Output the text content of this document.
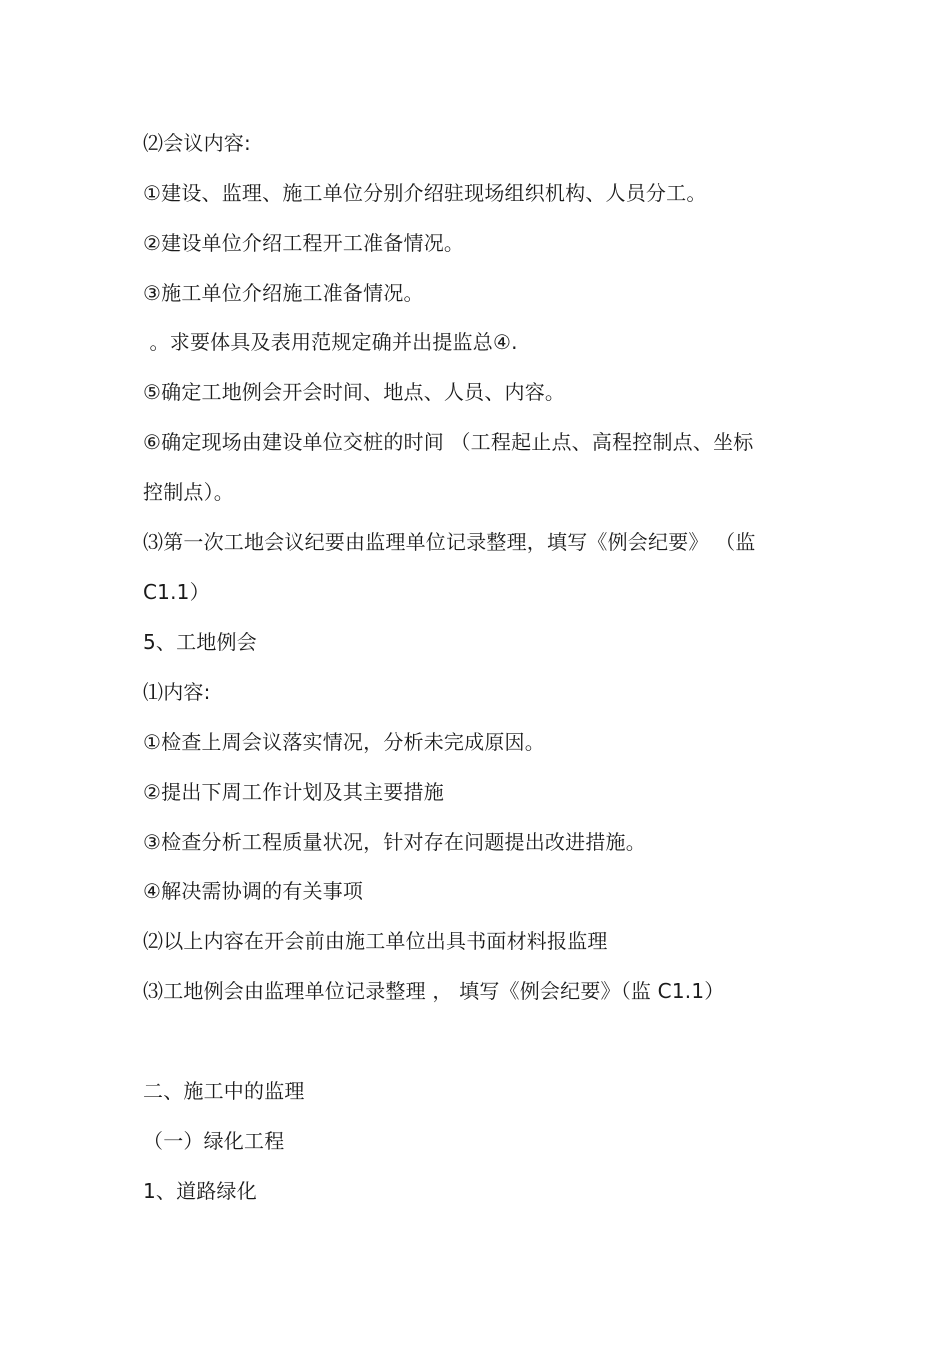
⑵会议内容:
①建设、监理、施工单位分别介绍驻现场组织机构、人员分工。
②建设单位介绍工程开工准备情况。
③施工单位介绍施工准备情况。
。求要体具及表用范规定确并出提监总④.
⑤确定工地例会开会时间、地点、人员、内容。
⑥确定现场由建设单位交桩的时间 （工程起止点、高程控制点、坐标
控制点）。
⑶第一次工地会议纪要由监理单位记录整理，填写《例会纪要》 （监
C1.1）
5、工地例会
⑴内容:
①检查上周会议落实情况，分析未完成原因。
②提出下周工作计划及其主要措施
③检查分析工程质量状况，针对存在问题提出改进措施。
④解决需协调的有关事项
⑵以上内容在开会前由施工单位出具书面材料报监理
⑶工地例会由监理单位记录整理 ， 填写《例会纪要》（监 C1.1）
二、施工中的监理
（一）绿化工程
1、道路绿化
